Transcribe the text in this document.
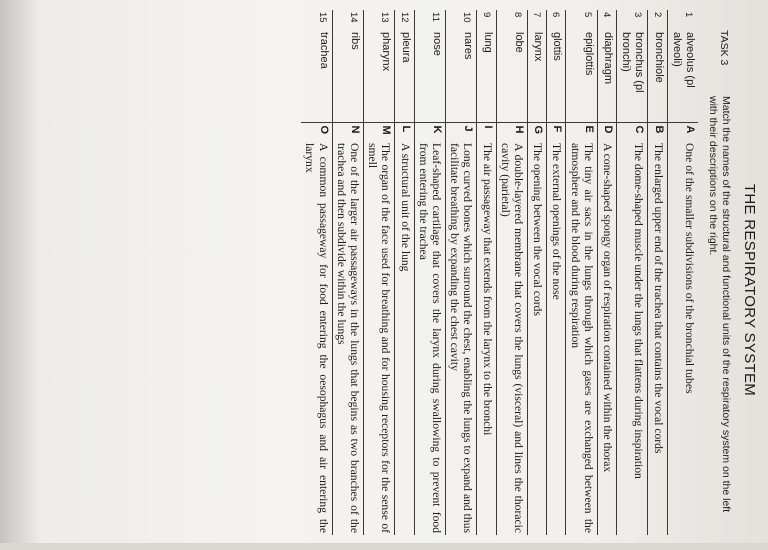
THE RESPIRATORY SYSTEM
TASK 3
Match the names of the structural and functional units of the respiratory system on the left with their descriptions on the right.
1	alveolus (pl alveoli)	A	One of the smaller subdivisions of the bronchial tubes
2	bronchiole	B	The enlarged upper end of the trachea that contains the vocal cords
3	bronchus (pl bronchi)	C	The dome-shaped muscle under the lungs that flattens during inspiration
4	diaphragm	D	A cone-shaped spongy organ of respiration contained within the thorax
5	epiglottis	E	The tiny air sacs in the lungs through which gases are exchanged between the atmosphere and the blood during respiration
6	glottis	F	The external openings of the nose
7	larynx	G	The opening between the vocal cords
8	lobe	H	A double-layered membrane that covers the lungs (visceral) and lines the thoracic cavity (parietal)
9	lung	I	The air passageway that extends from the larynx to the bronchi
10	nares	J	Long curved bones which surround the chest, enabling the lungs to expand and thus facilitate breathing by expanding the chest cavity
11	nose	K	Leaf-shaped cartilage that covers the larynx during swallowing to prevent food from entering the trachea
12	pleura	L	A structural unit of the lung
13	pharynx	M	The organ of the face used for breathing and for housing receptors for the sense of smell
14	ribs	N	One of the larger air passageways in the lungs that begins as two branches of the trachea and then subdivide within the lungs
15	trachea	O	A common passageway for food entering the oesophagus and air entering the larynx
